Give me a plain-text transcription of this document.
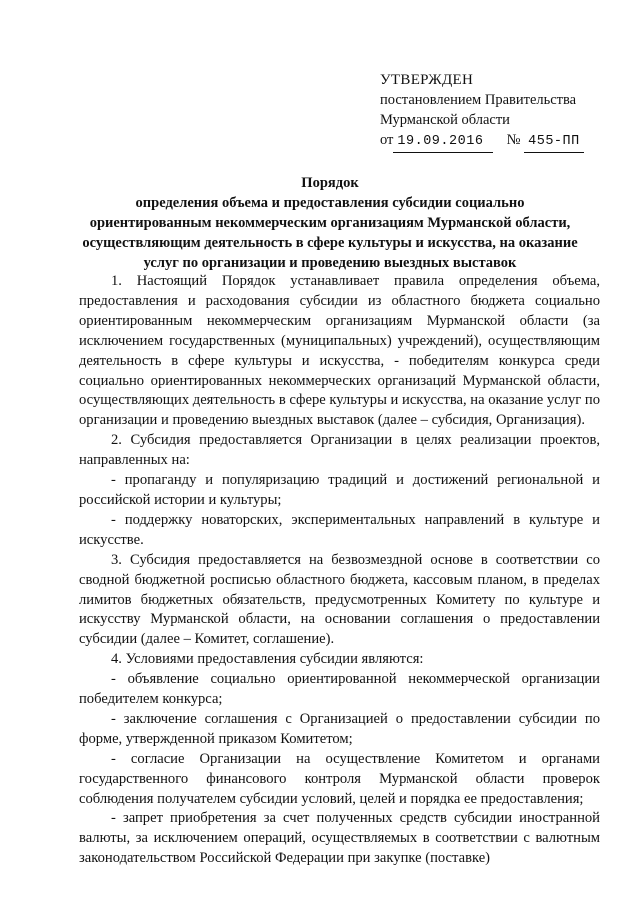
УТВЕРЖДЕН
постановлением Правительства
Мурманской области
от 19.09.2016 № 455-ПП
Порядок
определения объема и предоставления субсидии социально
ориентированным некоммерческим организациям Мурманской области,
осуществляющим деятельность в сфере культуры и искусства, на оказание
услуг по организации и проведению выездных выставок

1. Настоящий Порядок устанавливает правила определения объема, предоставления и расходования субсидии из областного бюджета социально ориентированным некоммерческим организациям Мурманской области (за исключением государственных (муниципальных) учреждений), осуществляющим деятельность в сфере культуры и искусства, - победителям конкурса среди социально ориентированных некоммерческих организаций Мурманской области, осуществляющих деятельность в сфере культуры и искусства, на оказание услуг по организации и проведению выездных выставок (далее – субсидия, Организация).

2. Субсидия предоставляется Организации в целях реализации проектов, направленных на:

- пропаганду и популяризацию традиций и достижений региональной и российской истории и культуры;

- поддержку новаторских, экспериментальных направлений в культуре и искусстве.

3. Субсидия предоставляется на безвозмездной основе в соответствии со сводной бюджетной росписью областного бюджета, кассовым планом, в пределах лимитов бюджетных обязательств, предусмотренных Комитету по культуре и искусству Мурманской области, на основании соглашения о предоставлении субсидии (далее – Комитет, соглашение).

4. Условиями предоставления субсидии являются:

- объявление социально ориентированной некоммерческой организации победителем конкурса;

- заключение соглашения с Организацией о предоставлении субсидии по форме, утвержденной приказом Комитетом;

- согласие Организации на осуществление Комитетом и органами государственного финансового контроля Мурманской области проверок соблюдения получателем субсидии условий, целей и порядка ее предоставления;

- запрет приобретения за счет полученных средств субсидии иностранной валюты, за исключением операций, осуществляемых в соответствии с валютным законодательством Российской Федерации при закупке (поставке)
